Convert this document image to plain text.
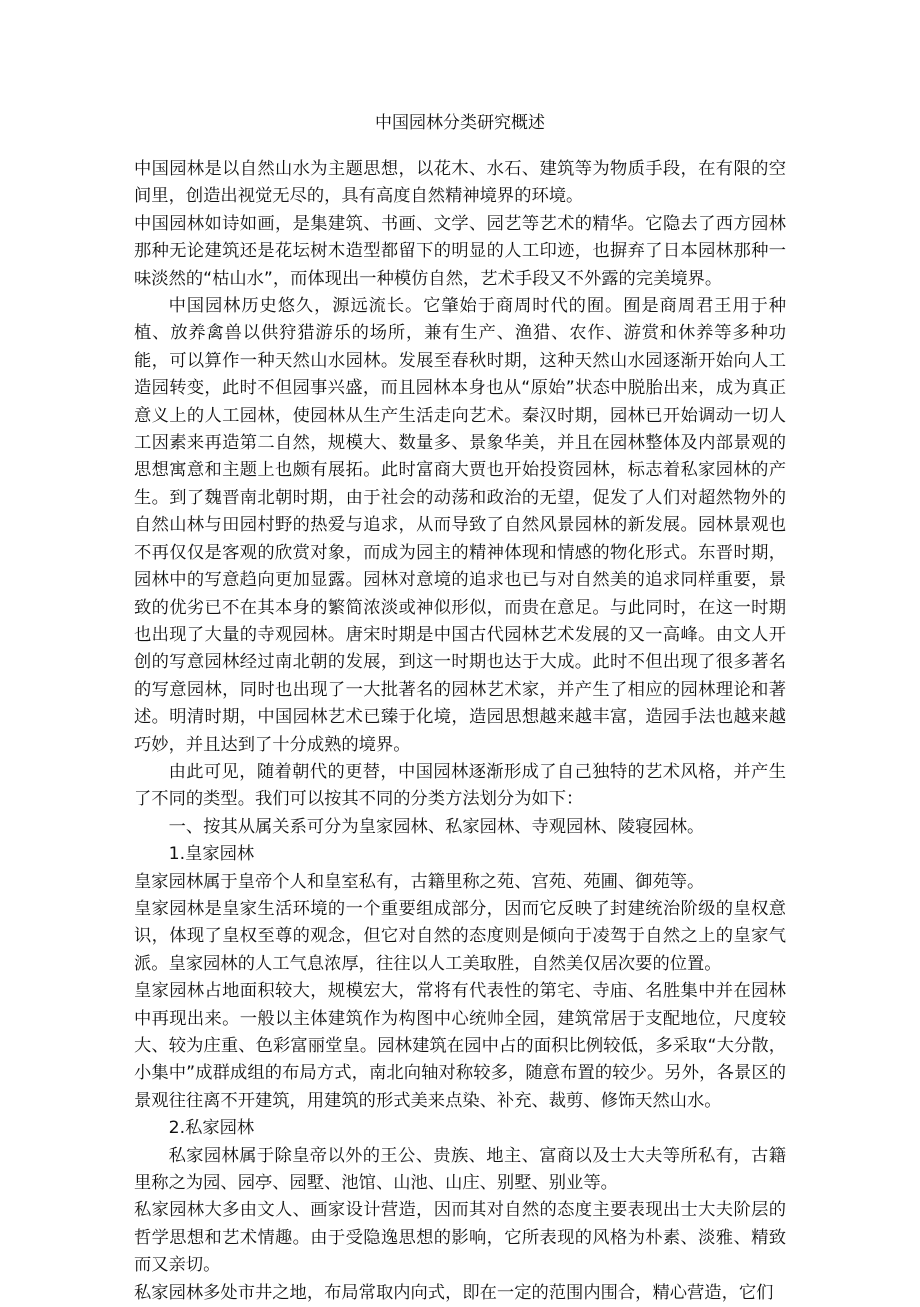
中国园林分类研究概述

中国园林是以自然山水为主题思想，以花木、水石、建筑等为物质手段，在有限的空间里，创造出视觉无尽的，具有高度自然精神境界的环境。

中国园林如诗如画，是集建筑、书画、文学、园艺等艺术的精华。它隐去了西方园林那种无论建筑还是花坛树木造型都留下的明显的人工印迹，也摒弃了日本园林那种一味淡然的“枯山水”，而体现出一种模仿自然，艺术手段又不外露的完美境界。

中国园林历史悠久，源远流长。它肇始于商周时代的囿。囿是商周君王用于种植、放养禽兽以供狩猎游乐的场所，兼有生产、渔猎、农作、游赏和休养等多种功能，可以算作一种天然山水园林。发展至春秋时期，这种天然山水园逐渐开始向人工造园转变，此时不但园事兴盛，而且园林本身也从“原始”状态中脱胎出来，成为真正意义上的人工园林，使园林从生产生活走向艺术。秦汉时期，园林已开始调动一切人工因素来再造第二自然，规模大、数量多、景象华美，并且在园林整体及内部景观的思想寓意和主题上也颇有展拓。此时富商大贾也开始投资园林，标志着私家园林的产生。到了魏晋南北朝时期，由于社会的动荡和政治的无望，促发了人们对超然物外的自然山林与田园村野的热爱与追求，从而导致了自然风景园林的新发展。园林景观也不再仅仅是客观的欣赏对象，而成为园主的精神体现和情感的物化形式。东晋时期，园林中的写意趋向更加显露。园林对意境的追求也已与对自然美的追求同样重要，景致的优劣已不在其本身的繁简浓淡或神似形似，而贵在意足。与此同时，在这一时期也出现了大量的寺观园林。唐宋时期是中国古代园林艺术发展的又一高峰。由文人开创的写意园林经过南北朝的发展，到这一时期也达于大成。此时不但出现了很多著名的写意园林，同时也出现了一大批著名的园林艺术家，并产生了相应的园林理论和著述。明清时期，中国园林艺术已臻于化境，造园思想越来越丰富，造园手法也越来越巧妙，并且达到了十分成熟的境界。

由此可见，随着朝代的更替，中国园林逐渐形成了自己独特的艺术风格，并产生了不同的类型。我们可以按其不同的分类方法划分为如下：

一、按其从属关系可分为皇家园林、私家园林、寺观园林、陵寝园林。

1.皇家园林

皇家园林属于皇帝个人和皇室私有，古籍里称之苑、宫苑、苑圃、御苑等。

皇家园林是皇家生活环境的一个重要组成部分，因而它反映了封建统治阶级的皇权意识，体现了皇权至尊的观念，但它对自然的态度则是倾向于凌驾于自然之上的皇家气派。皇家园林的人工气息浓厚，往往以人工美取胜，自然美仅居次要的位置。

皇家园林占地面积较大，规模宏大，常将有代表性的第宅、寺庙、名胜集中并在园林中再现出来。一般以主体建筑作为构图中心统帅全园，建筑常居于支配地位，尺度较大、较为庄重、色彩富丽堂皇。园林建筑在园中占的面积比例较低，多采取“大分散，小集中”成群成组的布局方式，南北向轴对称较多，随意布置的较少。另外，各景区的景观往往离不开建筑，用建筑的形式美来点染、补充、裁剪、修饰天然山水。

2.私家园林

私家园林属于除皇帝以外的王公、贵族、地主、富商以及士大夫等所私有，古籍里称之为园、园亭、园墅、池馆、山池、山庄、别墅、别业等。

私家园林大多由文人、画家设计营造，因而其对自然的态度主要表现出士大夫阶层的哲学思想和艺术情趣。由于受隐逸思想的影响，它所表现的风格为朴素、淡雅、精致而又亲切。

私家园林多处市井之地，布局常取内向式，即在一定的范围内围合，精心营造，它们
